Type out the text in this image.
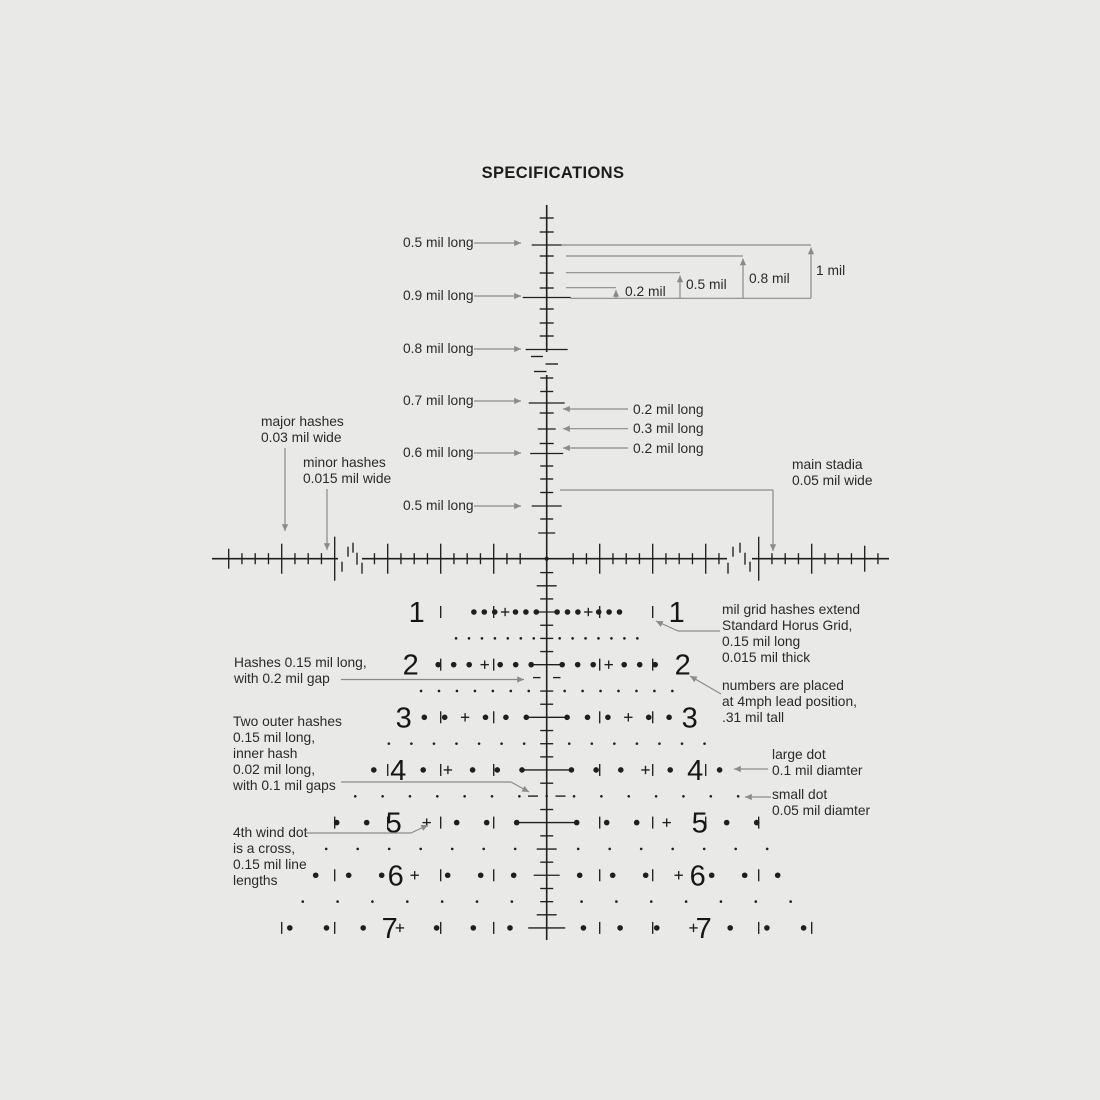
1	1
2	2
3	3
4	4
5	5
6	6
7	7
SPECIFICATIONS
0.5 mil long
0.9 mil long
0.8 mil long
0.7 mil long
0.6 mil long
0.5 mil long
0.2 mil 0.5 mil 0.8 mil
1 mil
0.2 mil long
0.3 mil long
0.2 mil long
major hashes
0.03 mil wide
minor hashes
0.015 mil wide
main stadia
0.05 mil wide
mil grid hashes extend
Standard Horus Grid,
0.15 mil long
0.015 mil thick
Hashes 0.15 mil long,
with 0.2 mil gap	numbers are placed
at 4mph lead position,
.31 mil tall
Two outer hashes
0.15 mil long,
inner hash
0.02 mil long,
with 0.1 mil gaps
large dot
0.1 mil diamter
small dot
0.05 mil diamter
4th wind dot
is a cross,
0.15 mil line
lengths
